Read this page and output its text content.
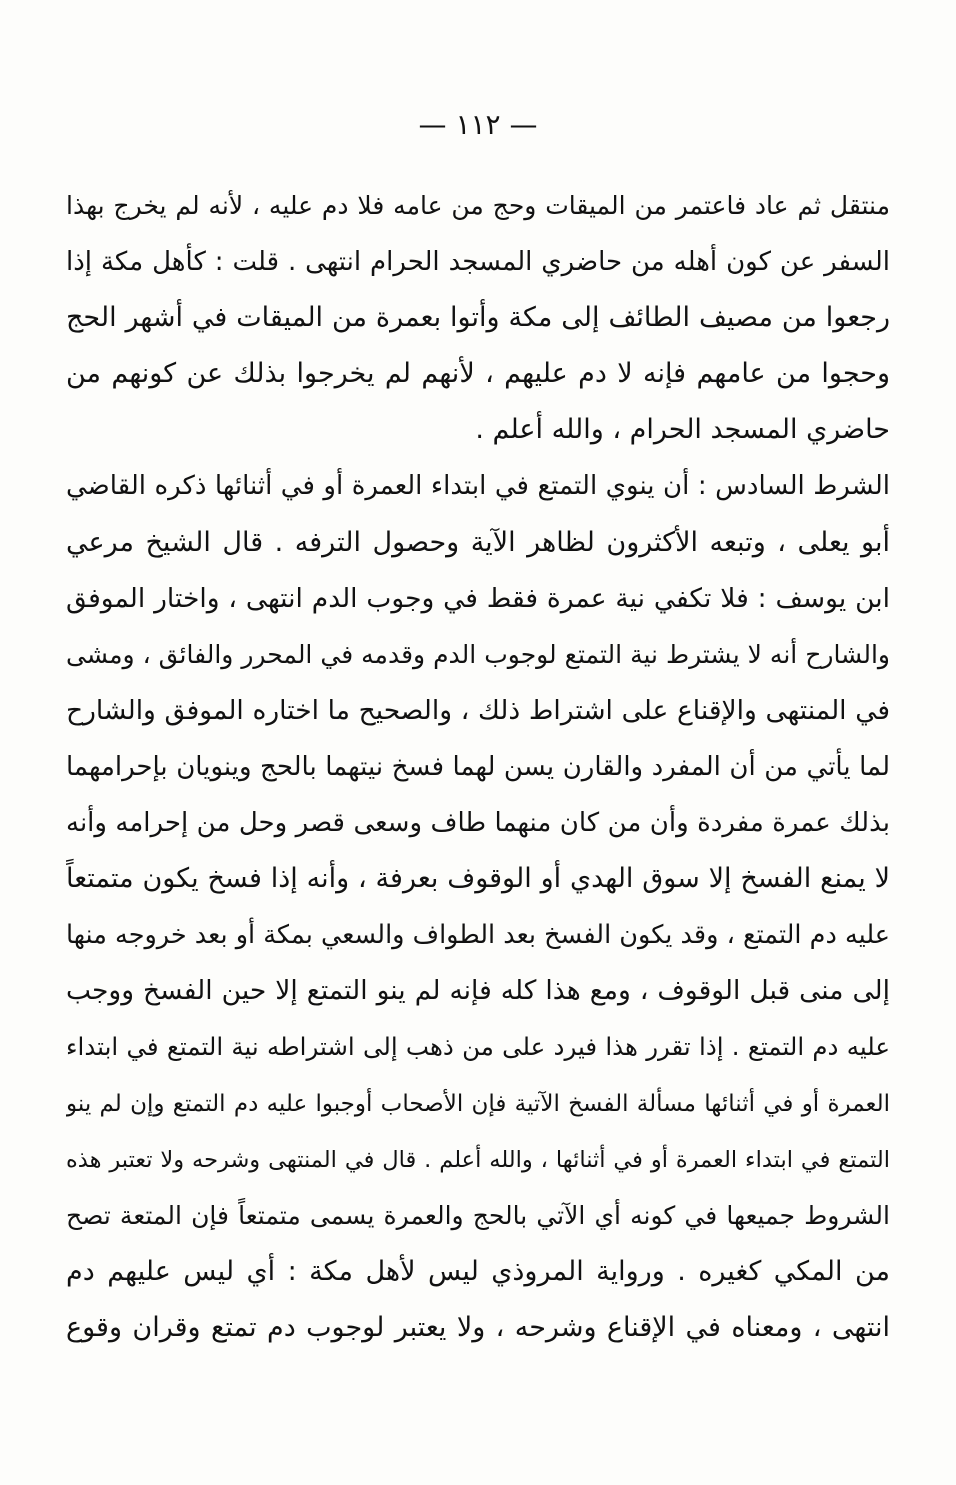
— ١١٢ —
منتقل ثم عاد فاعتمر من الميقات وحج من عامه فلا دم عليه ، لأنه لم يخرج بهذا
السفر عن كون أهله من حاضري المسجد الحرام انتهى . قلت : كأهل مكة إذا
رجعوا من مصيف الطائف إلى مكة وأتوا بعمرة من الميقات في أشهر الحج
وحجوا من عامهم فإنه لا دم عليهم ، لأنهم لم يخرجوا بذلك عن كونهم من
حاضري المسجد الحرام ، والله أعلم .
الشرط السادس : أن ينوي التمتع في ابتداء العمرة أو في أثنائها ذكره القاضي
أبو يعلى ، وتبعه الأكثرون لظاهر الآية وحصول الترفه . قال الشيخ مرعي
ابن يوسف : فلا تكفي نية عمرة فقط في وجوب الدم انتهى ، واختار الموفق
والشارح أنه لا يشترط نية التمتع لوجوب الدم وقدمه في المحرر والفائق ، ومشى
في المنتهى والإقناع على اشتراط ذلك ، والصحيح ما اختاره الموفق والشارح
لما يأتي من أن المفرد والقارن يسن لهما فسخ نيتهما بالحج وينويان بإحرامهما
بذلك عمرة مفردة وأن من كان منهما طاف وسعى قصر وحل من إحرامه وأنه
لا يمنع الفسخ إلا سوق الهدي أو الوقوف بعرفة ، وأنه إذا فسخ يكون متمتعاً
عليه دم التمتع ، وقد يكون الفسخ بعد الطواف والسعي بمكة أو بعد خروجه منها
إلى منى قبل الوقوف ، ومع هذا كله فإنه لم ينو التمتع إلا حين الفسخ ووجب
عليه دم التمتع . إذا تقرر هذا فيرد على من ذهب إلى اشتراطه نية التمتع في ابتداء
العمرة أو في أثنائها مسألة الفسخ الآتية فإن الأصحاب أوجبوا عليه دم التمتع وإن لم ينو
التمتع في ابتداء العمرة أو في أثنائها ، والله أعلم . قال في المنتهى وشرحه ولا تعتبر هذه
الشروط جميعها في كونه أي الآتي بالحج والعمرة يسمى متمتعاً فإن المتعة تصح
من المكي كغيره . ورواية المروذي ليس لأهل مكة : أي ليس عليهم دم
انتهى ، ومعناه في الإقناع وشرحه ، ولا يعتبر لوجوب دم تمتع وقران وقوع
